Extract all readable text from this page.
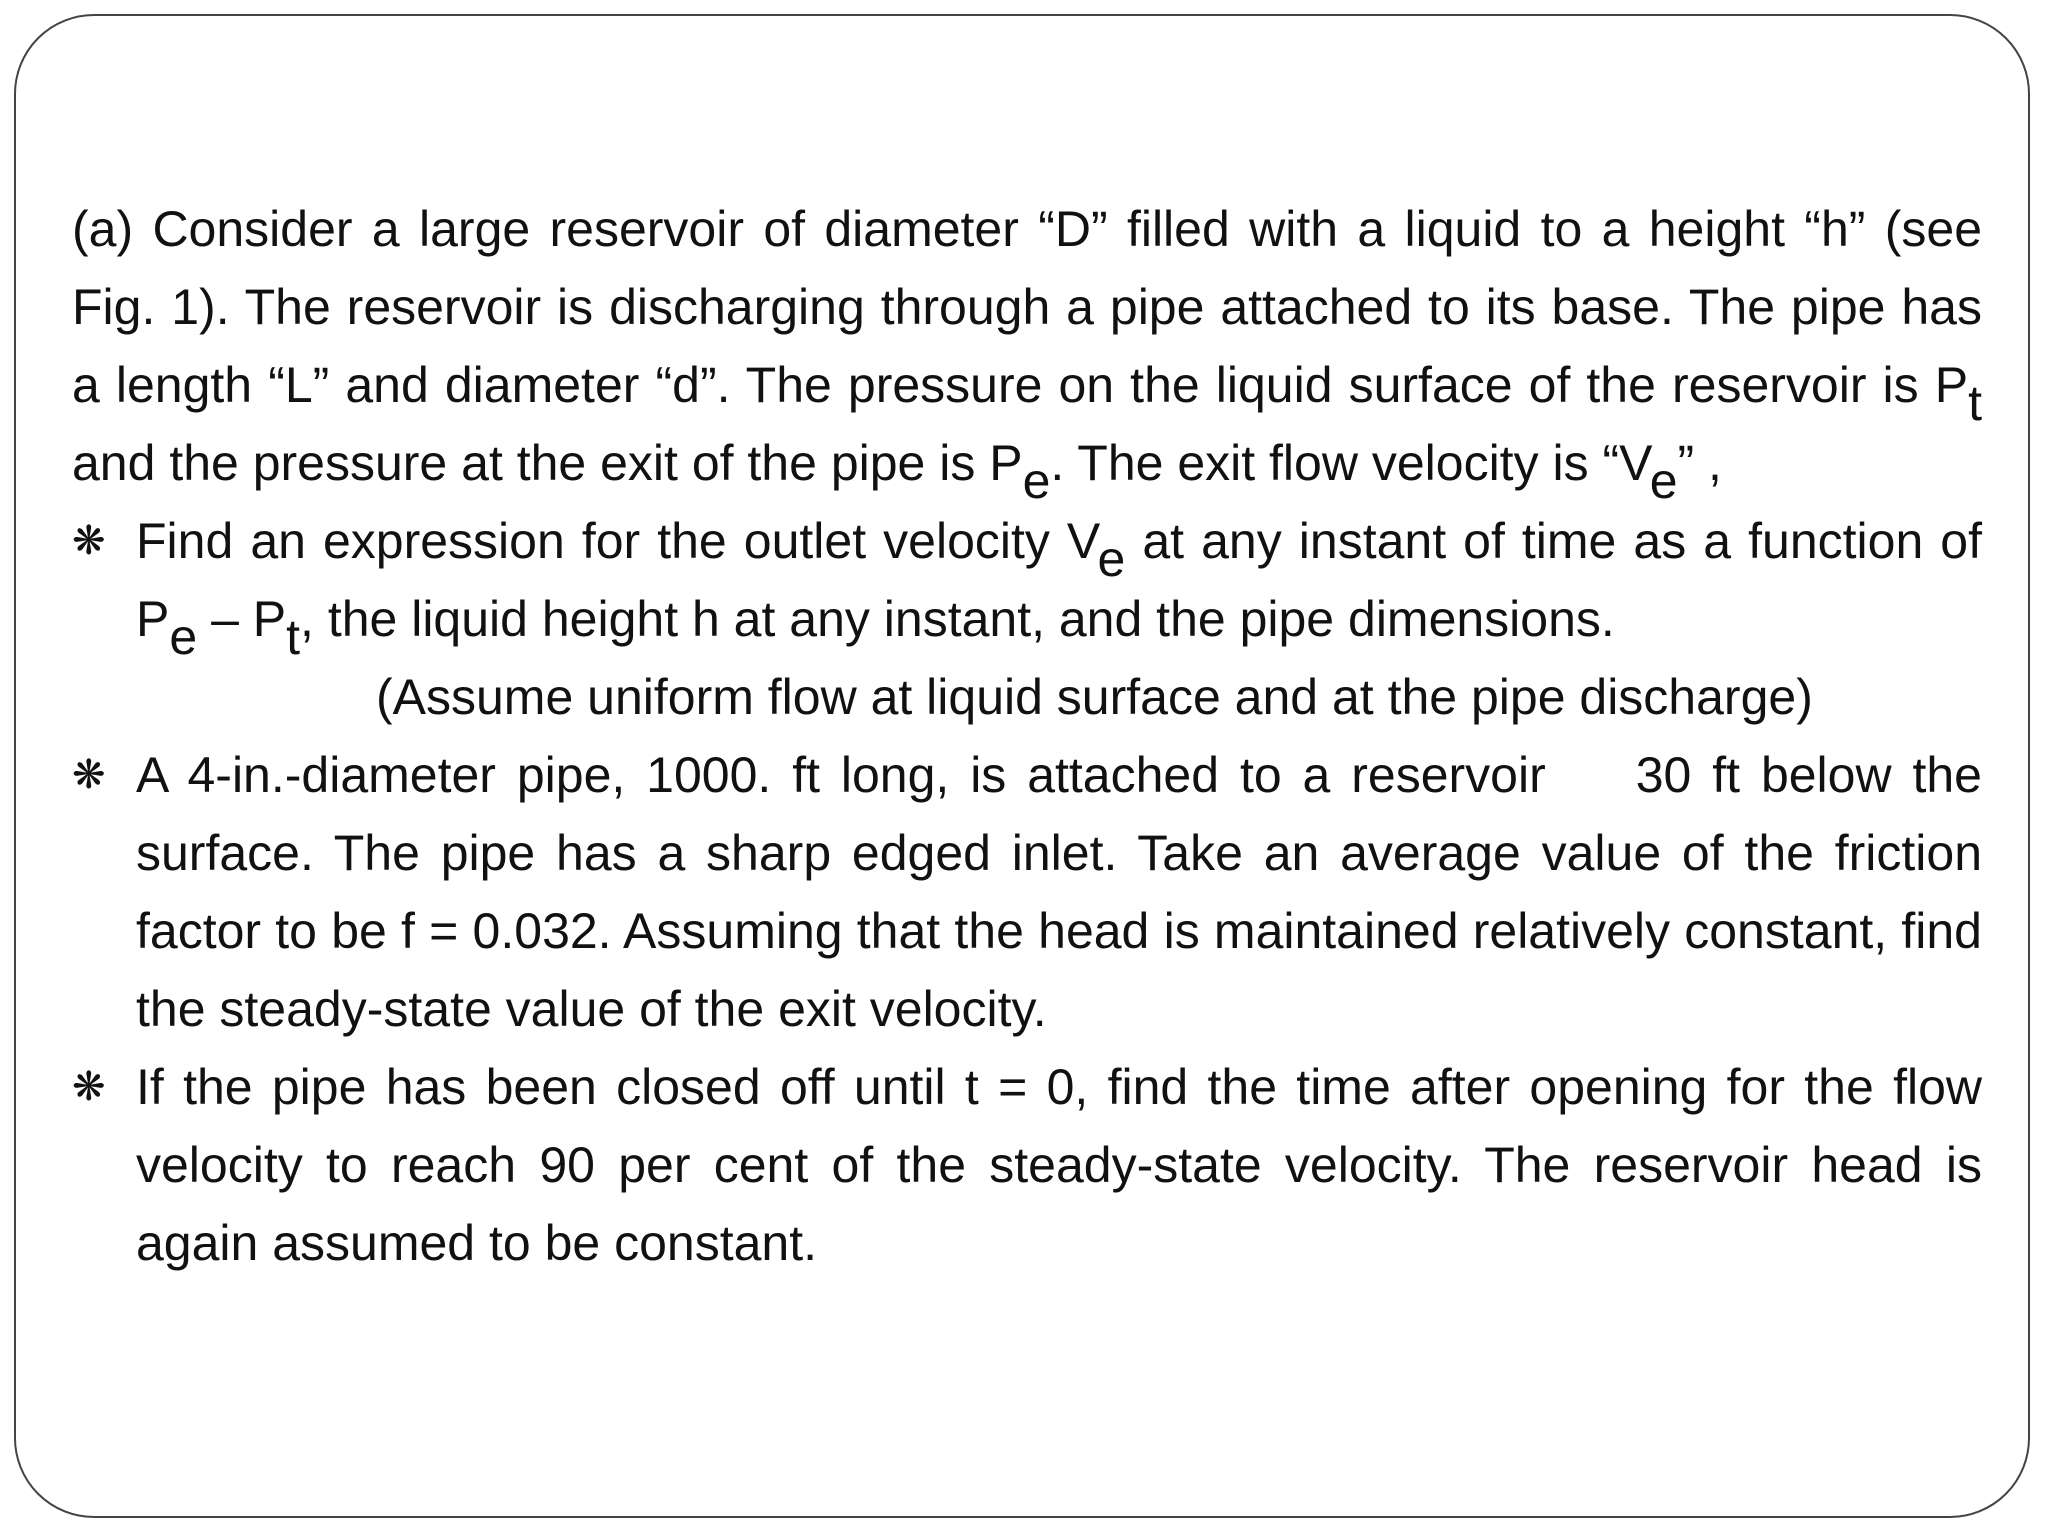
(a) Consider a large reservoir of diameter “D” filled with a liquid to a height “h” (see Fig. 1). The reservoir is discharging through a pipe attached to its base. The pipe has a length “L” and diameter “d”. The pressure on the liquid surface of the reservoir is Pt and the pressure at the exit of the pipe is Pe. The exit flow velocity is “Ve” ,

❋ Find an expression for the outlet velocity Ve at any instant of time as a function of Pe – Pt, the liquid height h at any instant, and the pipe dimensions.
(Assume uniform flow at liquid surface and at the pipe discharge)
❋ A 4-in.-diameter pipe, 1000. ft long, is attached to a reservoir 30 ft below the surface. The pipe has a sharp edged inlet. Take an average value of the friction factor to be f = 0.032. Assuming that the head is maintained relatively constant, find the steady-state value of the exit velocity.
❋ If the pipe has been closed off until t = 0, find the time after opening for the flow velocity to reach 90 per cent of the steady-state velocity. The reservoir head is again assumed to be constant.
